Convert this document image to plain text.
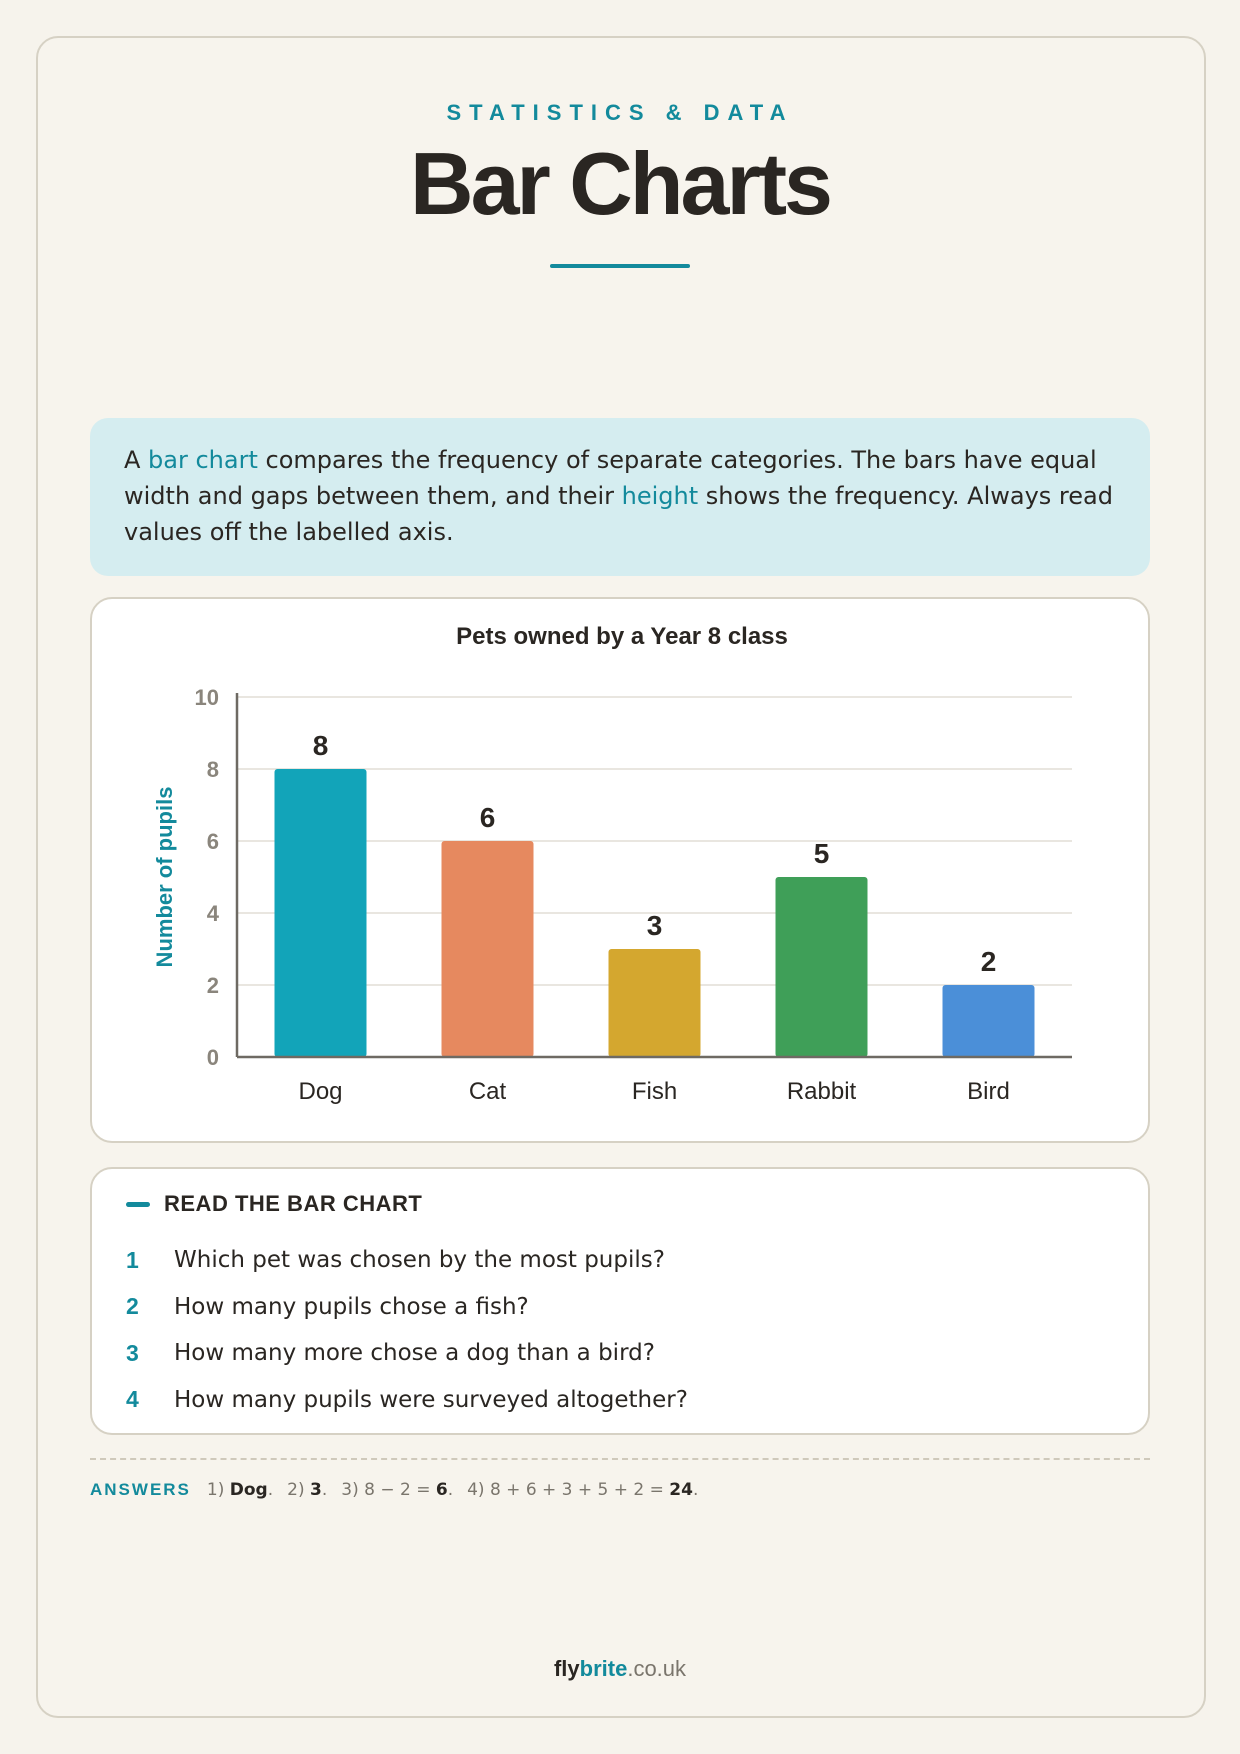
STATISTICS & DATA
Bar Charts
A bar chart compares the frequency of separate categories. The bars have equal width and gaps between them, and their height shows the frequency. Always read values off the labelled axis.
Pets owned by a Year 8 class
Number of pupils
0
2
4
6
8
10
8
Dog
6
Cat
3
Fish
5
Rabbit
2
Bird
READ THE BAR CHART
1	Which pet was chosen by the most pupils?
2	How many pupils chose a fish?
3	How many more chose a dog than a bird?
4	How many pupils were surveyed altogether?
ANSWERS 1) Dog. 2) 3. 3) 8 − 2 = 6. 4) 8 + 6 + 3 + 5 + 2 = 24.
flybrite.co.uk
